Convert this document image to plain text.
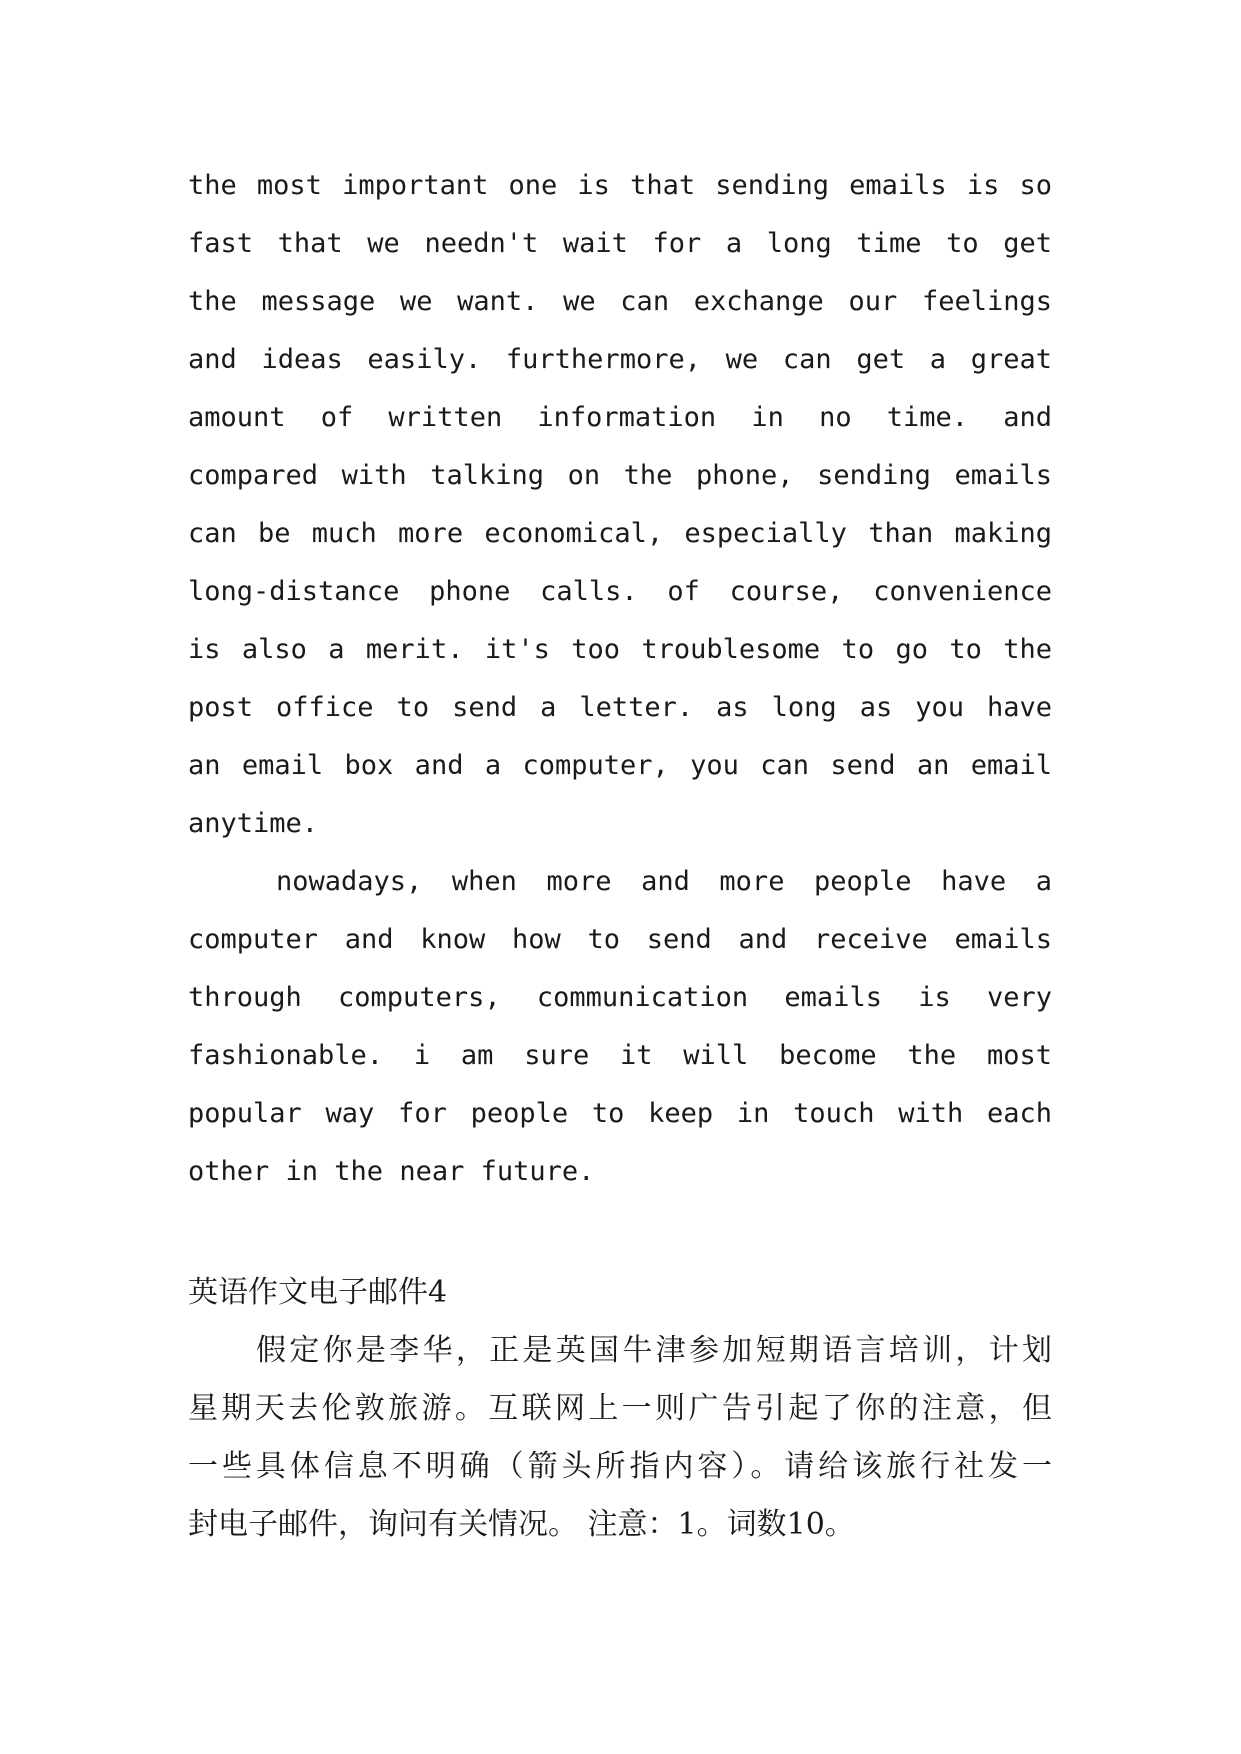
the most important one is that sending emails is so
fast that we needn't wait for a long time to get
the message we want. we can exchange our feelings
and ideas easily. furthermore, we can get a great
amount of written information in no time. and
compared with talking on the phone, sending emails
can be much more economical, especially than making
long-distance phone calls. of course, convenience
is also a merit. it's too troublesome to go to the
post office to send a letter. as long as you have
an email box and a computer, you can send an email
anytime.
nowadays, when more and more people have a
computer and know how to send and receive emails
through computers, communication emails is very
fashionable. i am sure it will become the most
popular way for people to keep in touch with each
other in the near future.
英语作文电子邮件4
假定你是李华，正是英国牛津参加短期语言培训，计划
星期天去伦敦旅游。互联网上一则广告引起了你的注意，但
一些具体信息不明确（箭头所指内容）。请给该旅行社发一
封电子邮件，询问有关情况。 注意：1。词数10。
